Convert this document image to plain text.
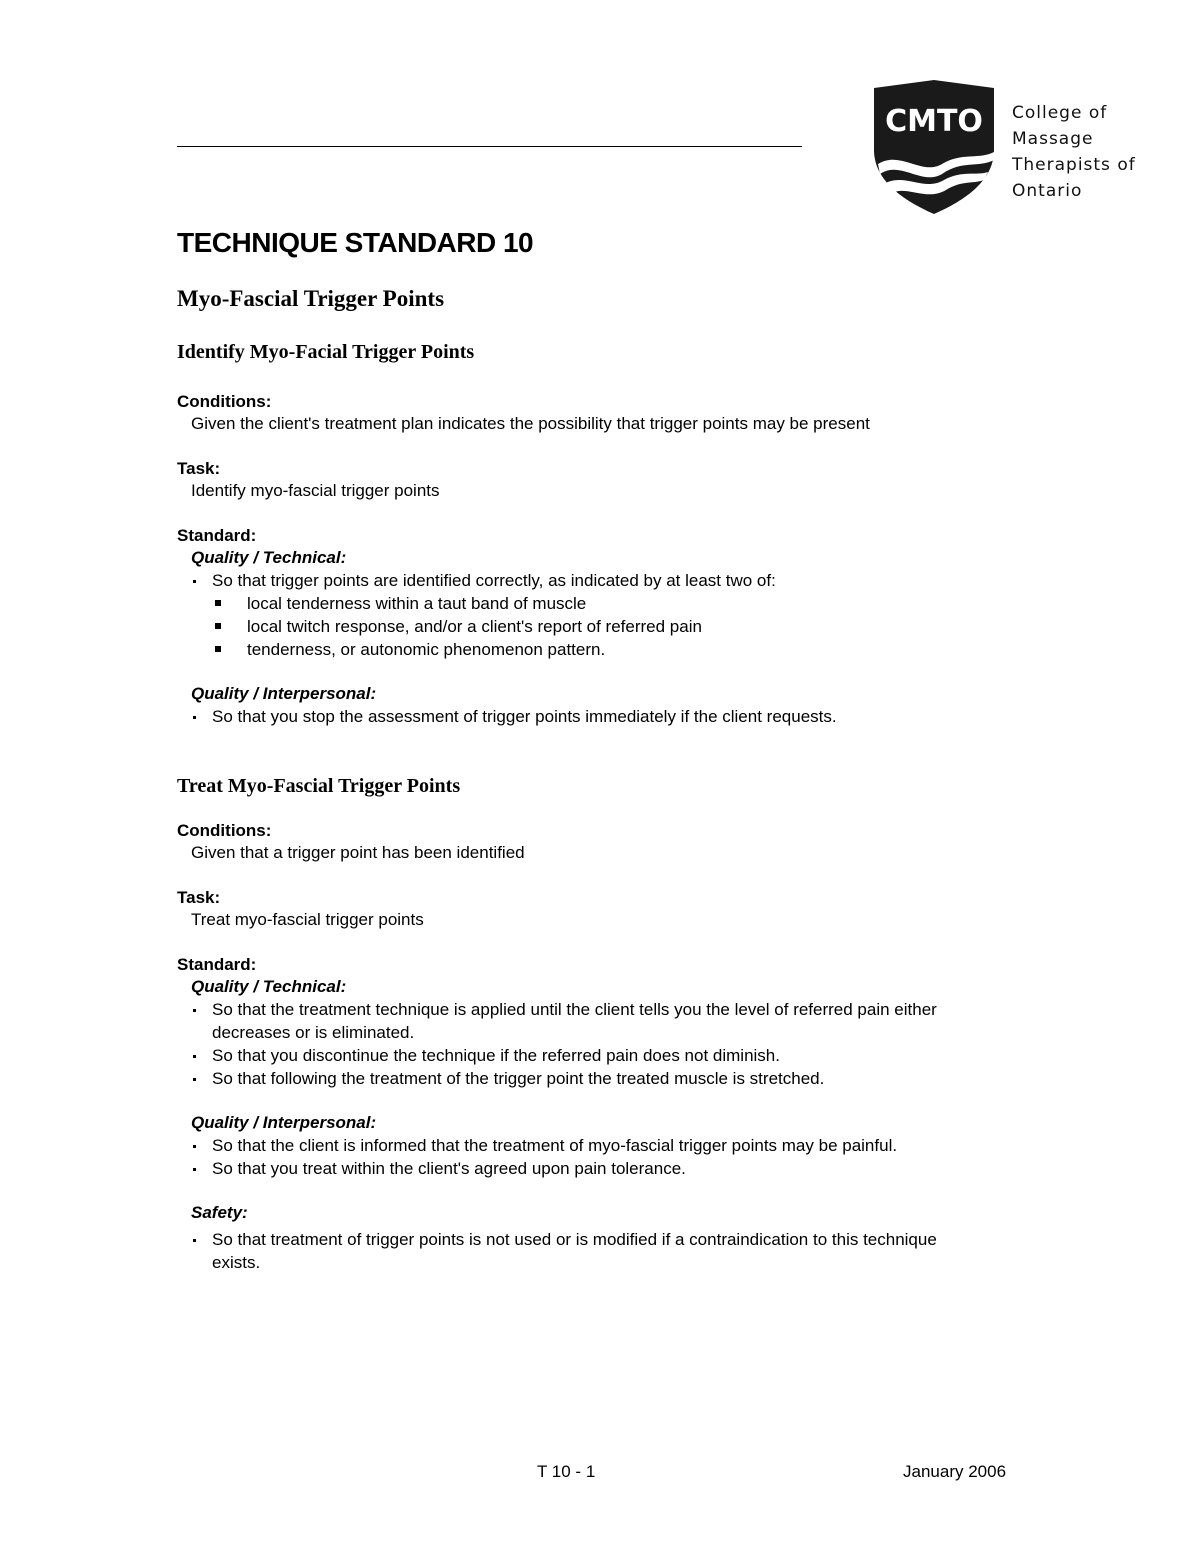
CMTO College of
Massage
Therapists of
Ontario
TECHNIQUE STANDARD 10
Myo-Fascial Trigger Points
Identify Myo-Facial Trigger Points

Conditions:

Given the client's treatment plan indicates the possibility that trigger points may be present

Task:

Identify myo-fascial trigger points

Standard:

Quality / Technical:

So that trigger points are identified correctly, as indicated by at least two of:
local tenderness within a taut band of muscle
local twitch response, and/or a client's report of referred pain
tenderness, or autonomic phenomenon pattern.

Quality / Interpersonal:

So that you stop the assessment of trigger points immediately if the client requests.
Treat Myo-Fascial Trigger Points

Conditions:

Given that a trigger point has been identified

Task:

Treat myo-fascial trigger points

Standard:

Quality / Technical:

So that the treatment technique is applied until the client tells you the level of referred pain either decreases or is eliminated.
So that you discontinue the technique if the referred pain does not diminish.
So that following the treatment of the trigger point the treated muscle is stretched.

Quality / Interpersonal:

So that the client is informed that the treatment of myo-fascial trigger points may be painful.
So that you treat within the client's agreed upon pain tolerance.

Safety:

So that treatment of trigger points is not used or is modified if a contraindication to this technique exists.
T 10 - 1	January 2006
